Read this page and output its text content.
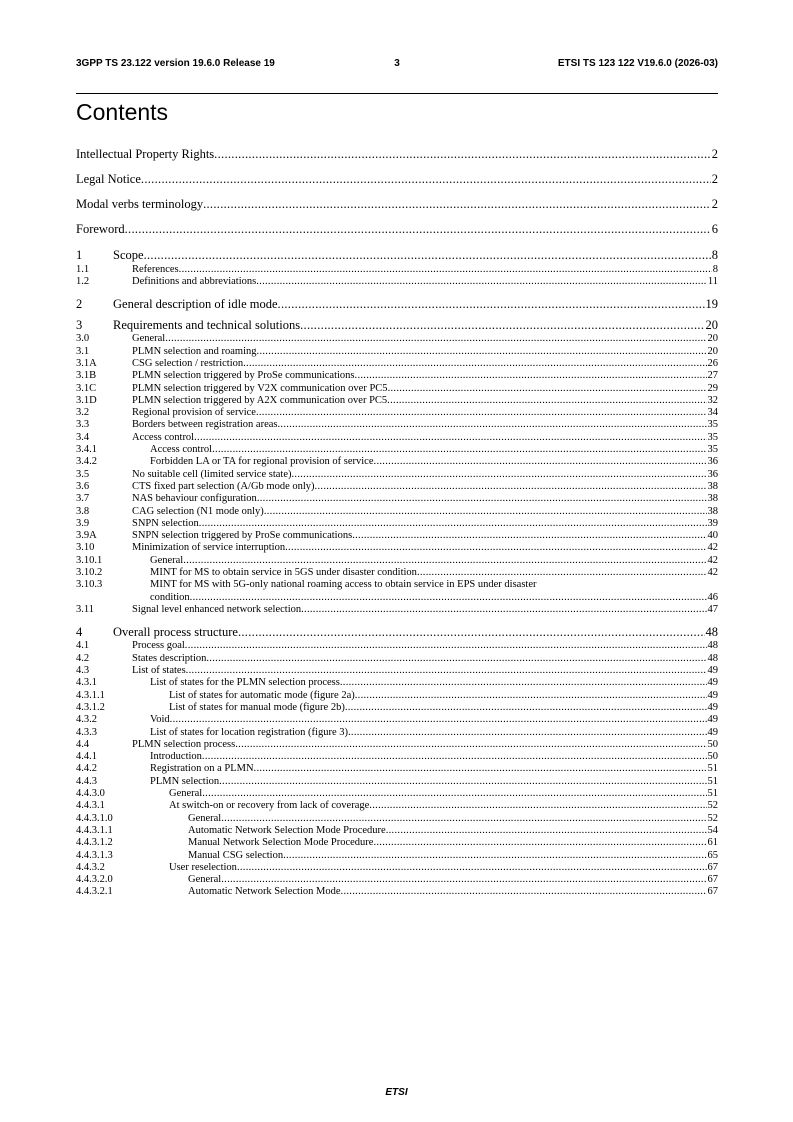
3GPP TS 23.122 version 19.6.0 Release 19	3	ETSI TS 123 122 V19.6.0 (2026-03)
Contents
Intellectual Property Rights .....	2
Legal Notice .....	2
Modal verbs terminology .....	2
Foreword .....	6
1	Scope .....	8
1.1	References .....	8
1.2	Definitions and abbreviations .....	11
2	General description of idle mode .....	19
3	Requirements and technical solutions .....	20
3.0	General .....	20
3.1	PLMN selection and roaming .....	20
3.1A	CSG selection / restriction .....	26
3.1B	PLMN selection triggered by ProSe communications .....	27
3.1C	PLMN selection triggered by V2X communication over PC5 .....	29
3.1D	PLMN selection triggered by A2X communication over PC5 .....	32
3.2	Regional provision of service .....	34
3.3	Borders between registration areas .....	35
3.4	Access control .....	35
3.4.1	Access control .....	35
3.4.2	Forbidden LA or TA for regional provision of service .....	36
3.5	No suitable cell (limited service state) .....	36
3.6	CTS fixed part selection (A/Gb mode only) .....	38
3.7	NAS behaviour configuration .....	38
3.8	CAG selection (N1 mode only) .....	38
3.9	SNPN selection .....	39
3.9A	SNPN selection triggered by ProSe communications .....	40
3.10	Minimization of service interruption .....	42
3.10.1	General .....	42
3.10.2	MINT for MS to obtain service in 5GS under disaster condition .....	42
3.10.3	MINT for MS with 5G-only national roaming access to obtain service in EPS under disaster
condition .....	46
3.11	Signal level enhanced network selection .....	47
4	Overall process structure .....	48
4.1	Process goal .....	48
4.2	States description .....	48
4.3	List of states .....	49
4.3.1	List of states for the PLMN selection process .....	49
4.3.1.1	List of states for automatic mode (figure 2a) .....	49
4.3.1.2	List of states for manual mode (figure 2b) .....	49
4.3.2	Void .....	49
4.3.3	List of states for location registration (figure 3) .....	49
4.4	PLMN selection process .....	50
4.4.1	Introduction .....	50
4.4.2	Registration on a PLMN .....	51
4.4.3	PLMN selection .....	51
4.4.3.0	General .....	51
4.4.3.1	At switch-on or recovery from lack of coverage .....	52
4.4.3.1.0	General .....	52
4.4.3.1.1	Automatic Network Selection Mode Procedure .....	54
4.4.3.1.2	Manual Network Selection Mode Procedure .....	61
4.4.3.1.3	Manual CSG selection .....	65
4.4.3.2	User reselection .....	67
4.4.3.2.0	General .....	67
4.4.3.2.1	Automatic Network Selection Mode .....	67
ETSI
